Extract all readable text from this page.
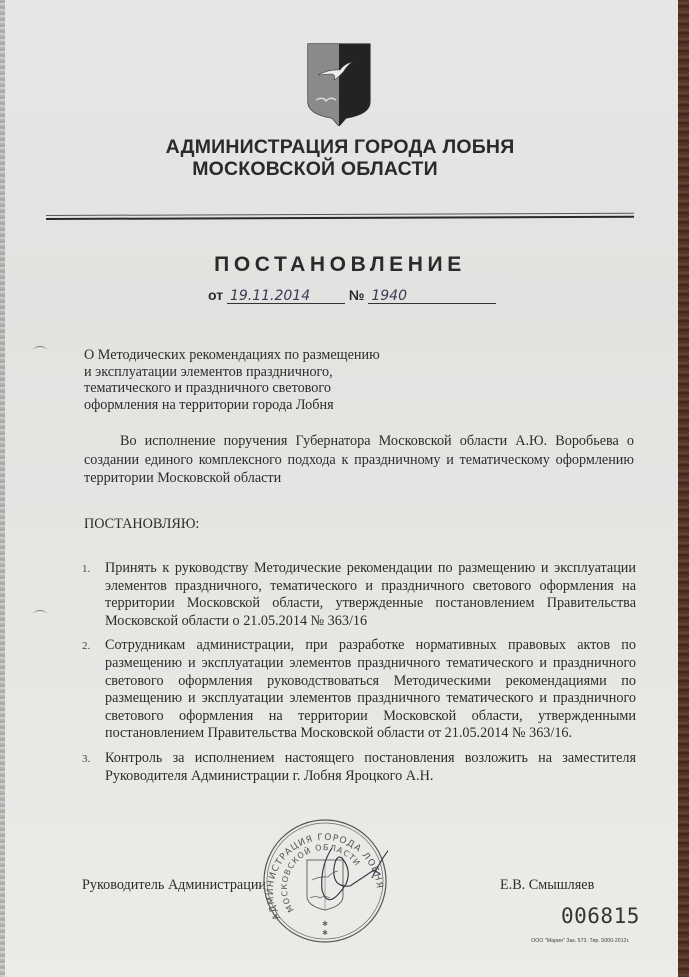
АДМИНИСТРАЦИЯ ГОРОДА ЛОБНЯ
МОСКОВСКОЙ ОБЛАСТИ
ПОСТАНОВЛЕНИЕ
от 19.11.2014	№ 1940
О Методических рекомендациях по размещению и эксплуатации элементов праздничного, тематического и праздничного светового оформления на территории города Лобня
Во исполнение поручения Губернатора Московской области А.Ю. Воробьева о создании единого комплексного подхода к праздничному и тематическому оформлению территории Московской области
ПОСТАНОВЛЯЮ:
1. Принять к руководству Методические рекомендации по размещению и эксплуатации элементов праздничного, тематического и праздничного светового оформления на территории Московской области, утвержденные постановлением Правительства Московской области о 21.05.2014 № 363/16
2. Сотрудникам администрации, при разработке нормативных правовых актов по размещению и эксплуатации элементов праздничного тематического и праздничного светового оформления руководствоваться Методическими рекомендациями по размещению и эксплуатации элементов праздничного тематического и праздничного светового оформления на территории Московской области, утвержденными постановлением Правительства Московской области от 21.05.2014 № 363/16.
3. Контроль за исполнением настоящего постановления возложить на заместителя Руководителя Администрации г. Лобня Яроцкого А.Н.
Руководитель Администрации
АДМИНИСТРАЦИЯ ГОРОДА ЛОБНЯ
МОСКОВСКОЙ ОБЛАСТИ
✱
✱
Е.В. Смышляев
006815
ООО "Мария" Зак. 573. Тир. 5000-2012г.
